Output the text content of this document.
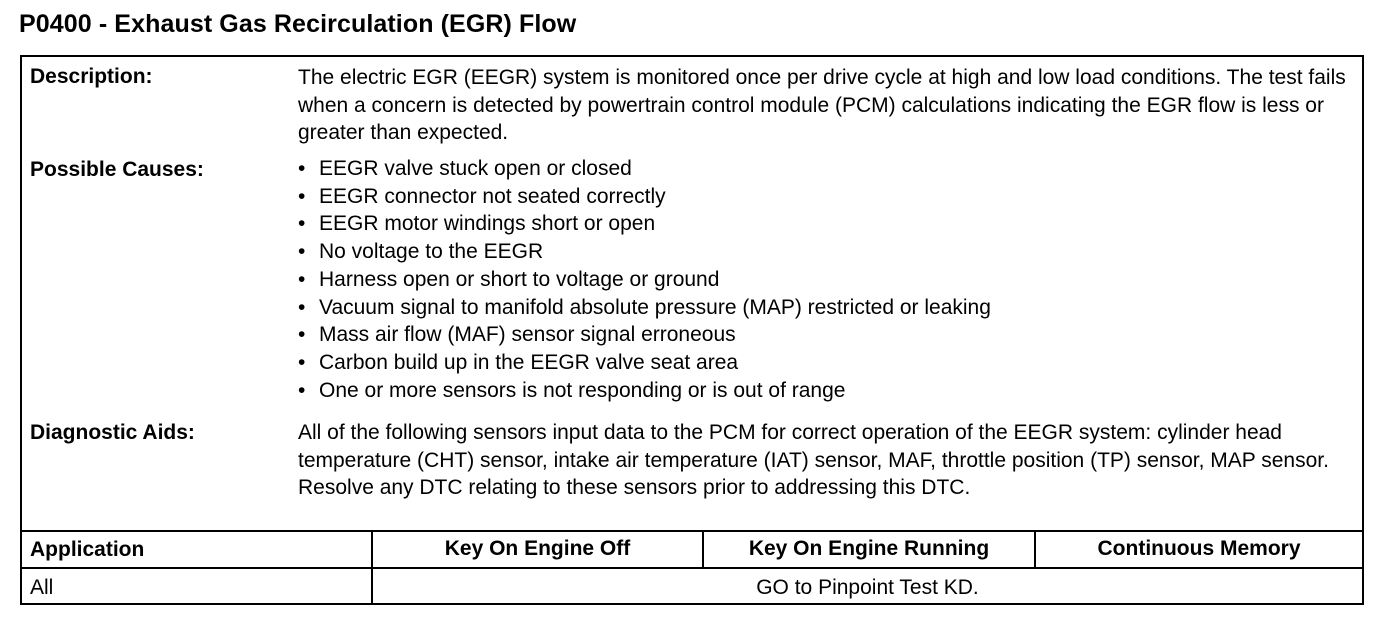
P0400 - Exhaust Gas Recirculation (EGR) Flow
Description:	The electric EGR (EEGR) system is monitored once per drive cycle at high and low load conditions. The test fails when a concern is detected by powertrain control module (PCM) calculations indicating the EGR flow is less or greater than expected.
Possible Causes:
•	EEGR valve stuck open or closed
• EEGR connector not seated correctly
• EEGR motor windings short or open
• No voltage to the EEGR
• Harness open or short to voltage or ground
• Vacuum signal to manifold absolute pressure (MAP) restricted or leaking
• Mass air flow (MAF) sensor signal erroneous
• Carbon build up in the EEGR valve seat area
• One or more sensors is not responding or is out of range
Diagnostic Aids:	All of the following sensors input data to the PCM for correct operation of the EEGR system: cylinder head temperature (CHT) sensor, intake air temperature (IAT) sensor, MAF, throttle position (TP) sensor, MAP sensor. Resolve any DTC relating to these sensors prior to addressing this DTC.
Application	Key On Engine Off	Key On Engine Running	Continuous Memory
All	GO to Pinpoint Test KD.
